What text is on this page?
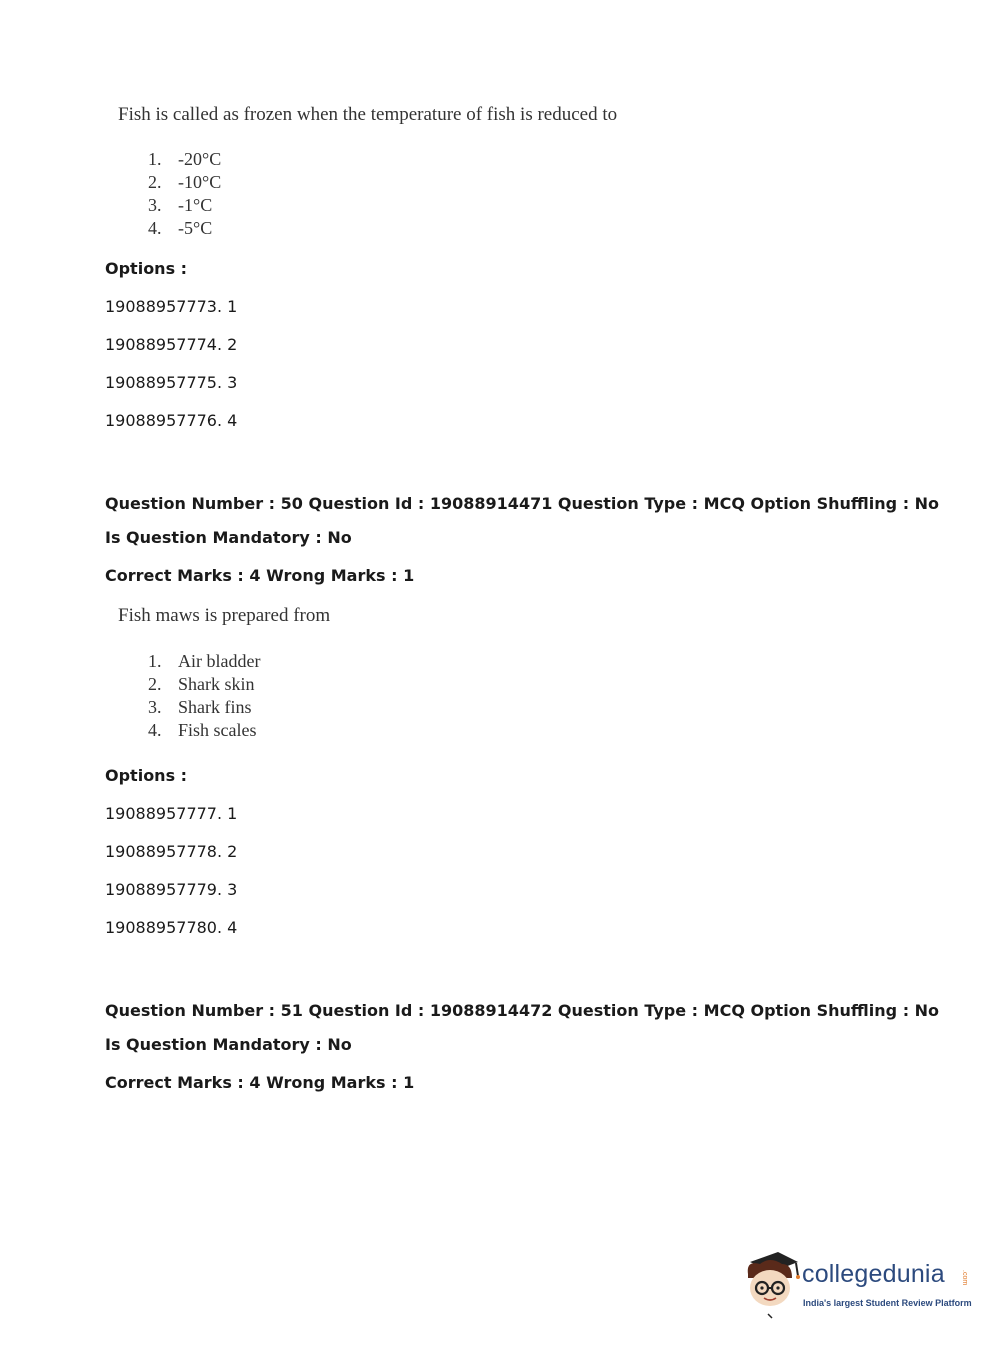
Fish is called as frozen when the temperature of fish is reduced to
1. -20°C
2. -10°C
3. -1°C
4. -5°C
Options :
19088957773. 1
19088957774. 2
19088957775. 3
19088957776. 4
Question Number : 50 Question Id : 19088914471 Question Type : MCQ Option Shuffling : No
Is Question Mandatory : No
Correct Marks : 4 Wrong Marks : 1
Fish maws is prepared from
1. Air bladder
2. Shark skin
3. Shark fins
4. Fish scales
Options :
19088957777. 1
19088957778. 2
19088957779. 3
19088957780. 4
Question Number : 51 Question Id : 19088914472 Question Type : MCQ Option Shuffling : No
Is Question Mandatory : No
Correct Marks : 4 Wrong Marks : 1
collegedunia .com
India's largest Student Review Platform
